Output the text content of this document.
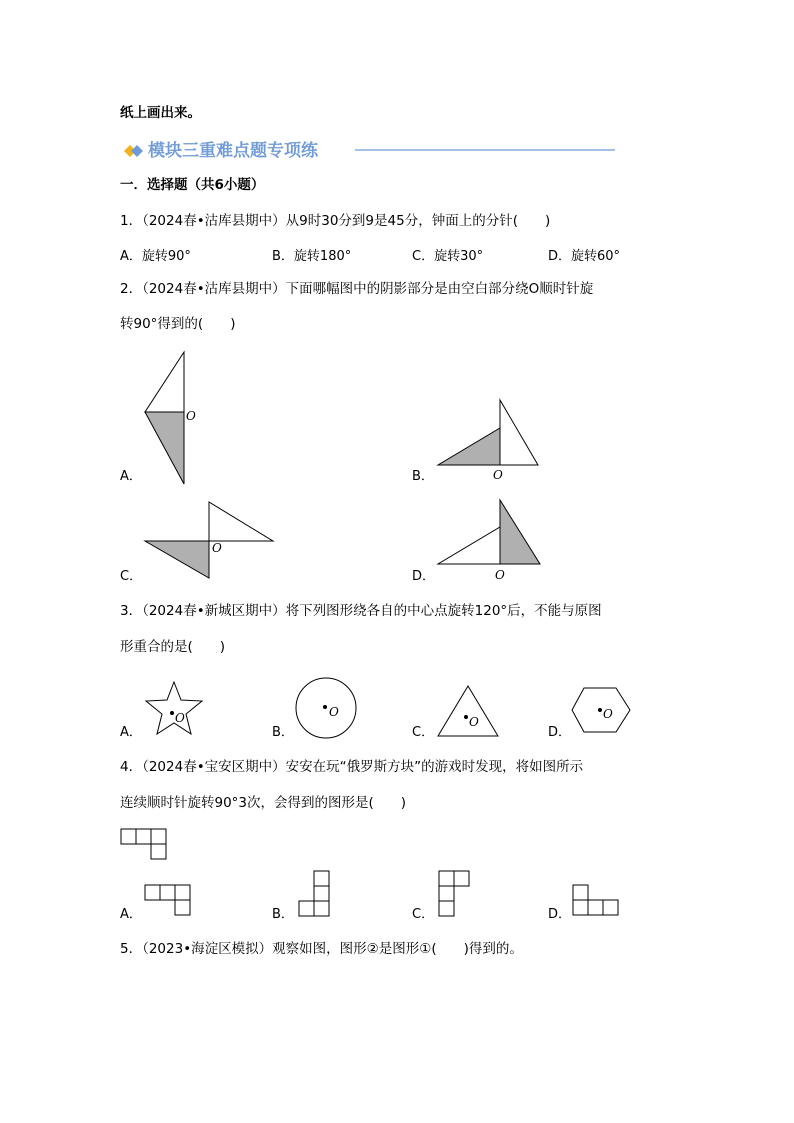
纸上画出来。
模块三重难点题专项练
一．选择题（共6小题）
1．（2024春•沽库县期中）从9时30分到9是45分，钟面上的分针(　　)
A．旋转90°	B．旋转180°	C．旋转30°	D．旋转60°
2．（2024春•沽库县期中）下面哪幅图中的阴影部分是由空白部分绕O顺时针旋
转90°得到的(　　)
A．
O
B．	O
C．
O
D．	O
3．（2024春•新城区期中）将下列图形绕各自的中心点旋转120°后，不能与原图
形重合的是(　　)
A．
O
B．
O
C．
O
D．
O
4．（2024春•宝安区期中）安安在玩“俄罗斯方块”的游戏时发现，将如图所示
连续顺时针旋转90°3次，会得到的图形是(　　)
A．	B．	C．	D．
5．（2023•海淀区模拟）观察如图，图形②是图形①(　　)得到的。
